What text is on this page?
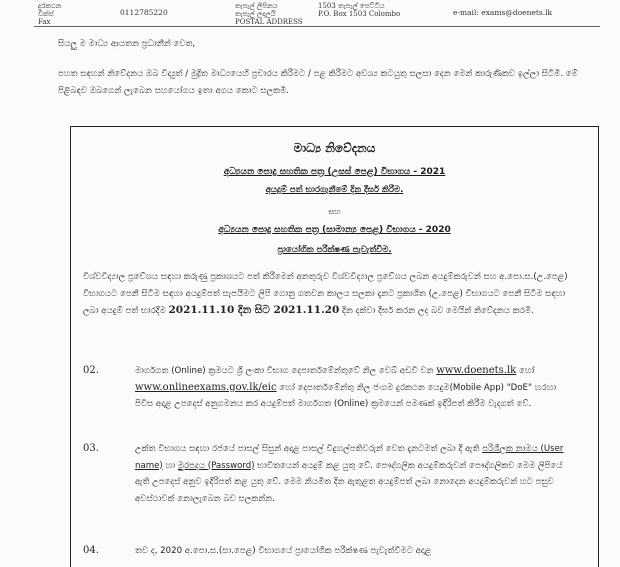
දුරකථන
වික්ස්
Fax
0112785220
තැපැල් ලිපිනය
තැපැල් ලදාලයි
POSTAL ADDRESS
1503 තැපැල් පෙට්ටිය
P.O. Box 1503 Colombo	e-mail: exams@doenets.lk
සියලු ම මාධ්‍ය ආයතන ප්‍රධානීන් වෙත,
පහත සඳහන් නිවේදනය ඔබ විද්‍යුත් / මුද්‍රිත මාධ්‍යයෙහි ප්‍රචාරය කිරීමට / පළ කිරීමට අවශ්‍ය කටයුතු සලසා දෙන මෙන් කාරුණිකව ඉල්ලා සිටිමි. මේ පිළිබඳව ඔබගෙන් ලැබෙන සහයෝගය ඉතා අගය කොට සලකමි.
මාධ්‍ය නිවේදනය
අධ්‍යයන පොදු සහතික පත්‍ර (උසස් පෙළ) විභාගය - 2021
අයදුම් පත් භාරගැනීමේ දින දීර්ඝ කිරීම.
සහ
අධ්‍යයන පොදු සහතික පත්‍ර (සාමාන්‍ය පෙළ) විභාගය - 2020
ප්‍රායෝගික පරීක්ෂණ පැවැත්වීම.
විශ්වවිද්‍යාල ප්‍රවේශය සඳහා කරුණු ප්‍රකාශයට පත් කිරීමෙන් අනතුරුව විශ්වවිද්‍යාල ප්‍රවේශය ලබන අයදුම්කරුවන් සහ අ.පො.ස.(උ.පෙළ) විභාගයට පෙනී සිටීම සඳහා අයදුම්පත් සැපයීමට ලිපි ගොනු ගතවන කාලය සලකා දැනට ප්‍රකාශිත (උ.පෙළ) විභාගයට පෙනී සිටීම සඳහා ලබා අයදුම් පත් භාරදීම 2021.11.10 දින සිට 2021.11.20 දින දක්වා දීර්ඝ කරන ලද බව මෙයින් නිවේදනය කරමි.
02.	මාර්ගගත (Online) ක්‍රමයට ශ්‍රී ලංකා විභාග දෙපාර්තමේන්තුවේ නිල වෙබ් අඩවි වන www.doenets.lk හෝ www.onlineexams.gov.lk/eic හෝ දෙපාර්තමේන්තු නිල ජංගම දුරකථන යෙදුම(Mobile App) "DoE" හරහා පිවිස අදාළ උපදෙස් අනුගමනය කර අයදුම්පත් මාර්ගගත (Online) ක්‍රමයෙන් පමණක් ඉදිරිපත් කිරීම වැදගත් වේ.
03.	උක්ත විභාගය සඳහා රජයේ පාසල් සිසුන් අදාළ පාසල් විදුහල්පතිවරුන් වෙත දැනටමත් ලබා දී ඇති පරිශීලක නාමය (User name) හා මුරපදය (Password) භාවිතයෙන් අයදුම් කළ යුතු වේ. පෞද්ගලික අයදුම්කරුවන් පෞද්ගලිකව මෙම ලිපියේ ඇති උපදෙස් අනුව ඉදිරිපත් කළ යුතු වේ. මෙම නියමිත දින ඇතුළත අයදුම්පත් ලබා නොදෙන අයදුම්කරුවන් හට පසුව අවස්ථාවක් නොලැබෙන බව සලකන්න.
04.	තව ද, 2020 අ.පො.ස.(සා.පෙළ) විභාගයේ ප්‍රායෝගික පරීක්ෂණ පැවැත්වීමට අදාළ
